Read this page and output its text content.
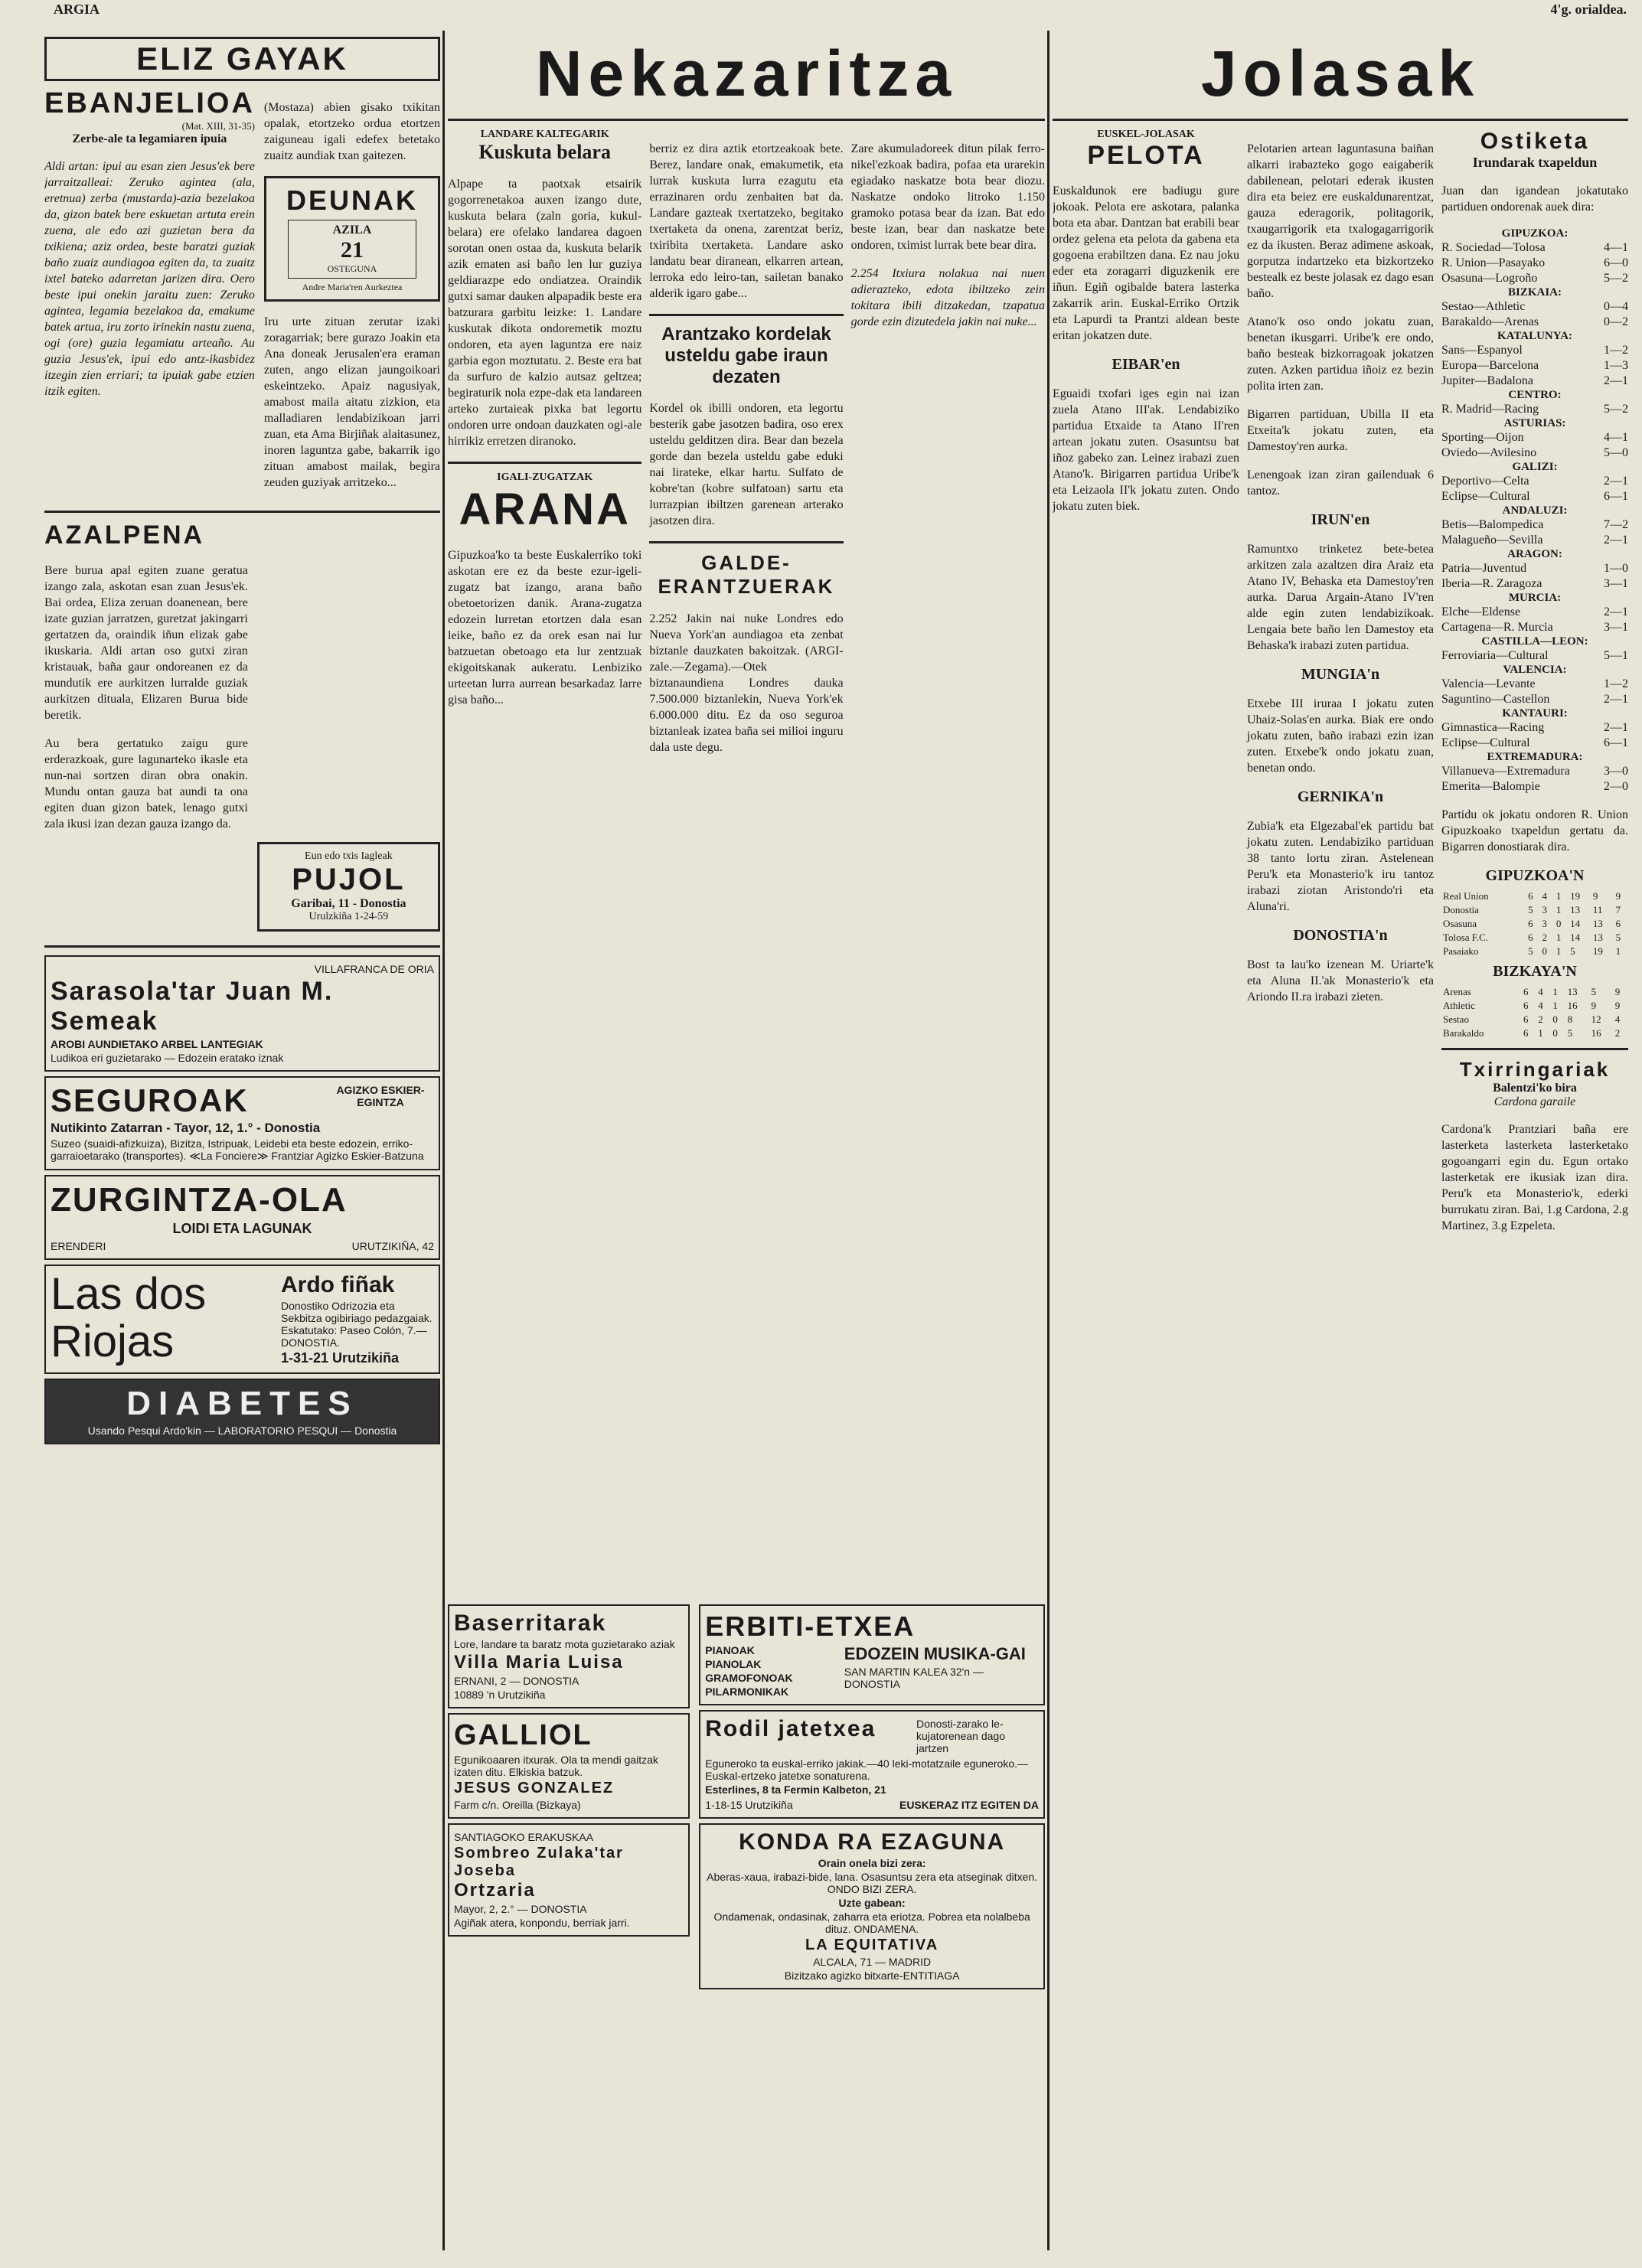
ARGIA	4'g. orialdea.
ELIZ GAYAK
EBANJELIOA
(Mat. XIII, 31-35)
Zerbe-ale ta legamiaren ipuia

Aldi artan: ipui au esan zien Jesus'ek bere jarraitzalleai: Zeruko agintea (ala, eretnua) zerba (mustarda)-azia bezelakoa da, gizon batek bere eskuetan artuta erein zuena, ale edo azi guzietan bera da txikiena; aziz ordea, beste baratzi guziak baño zuaiz aundiagoa egiten da, ta zuaitz ixtel bateko adarretan jarizen dira. Oero beste ipui onekin jaraitu zuen: Zeruko agintea, legamia bezelakoa da, emakume batek artua, iru zorto irinekin nastu zuena, ogi (ore) guzia legamiatu arteaño. Au guzia Jesus'ek, ipui edo antz-ikasbidez itzegin zien erriari; ta ipuiak gabe etzien itzik egiten.

(Mostaza) abien gisako txikitan opalak, etortzeko ordua etortzen zaiguneau igali edefex betetako zuaitz aundiak txan gaitezen.

DEUNAK
AZILA
21
OSTEGUNA
Andre Maria'ren Aurkeztea

Iru urte zituan zerutar izaki zoragarriak; bere gurazo Joakin eta Ana doneak Jerusalen'era eraman zuten, ango elizan jaungoikoari eskeintzeko. Apaiz nagusiyak, amabost maila aitatu zizkion, eta malladiaren lendabizikoan jarri zuan, eta Ama Birjiñak alaitasunez, inoren laguntza gabe, bakarrik igo zituan amabost mailak, begira zeuden guziyak arritzeko...

AZALPENA

Bere burua apal egiten zuane geratua izango zala, askotan esan zuan Jesus'ek. Bai ordea, Eliza zeruan doanenean, bere izate guzian jarratzen, guretzat jakingarri gertatzen da, oraindik iñun elizak gabe ikuskaria. Aldi artan oso gutxi ziran kristauak, baña gaur ondoreanen ez da mundutik ere aurkitzen lurralde guziak aurkitzen dituala, Elizaren Burua bide beretik.

Au bera gertatuko zaigu gure erderazkoak, gure lagunarteko ikasle eta nun-nai sortzen diran obra onakin. Mundu ontan gauza bat aundi ta ona egiten duan gizon batek, lenago gutxi zala ikusi izan dezan gauza izango da.

Eun edo txis Iagleak
PUJOL
Garibai, 11 - Donostia
Urulzkiña 1-24-59

VILLAFRANCA DE ORIA

Sarasola'tar Juan M. Semeak

AROBI AUNDIETAKO ARBEL LANTEGIAK

Ludikoa eri guzietarako — Edozein eratako iznak

SEGUROAK	AGIZKO ESKIER-EGINTZA

Nutikinto Zatarran - Tayor, 12, 1.° - Donostia

Suzeo (suaidi-afizkuiza), Bizitza, Istripuak, Leidebi eta beste edozein, erriko-garraioetarako (transportes). ≪La Fonciere≫ Frantziar Agizko Eskier-Batzuna

ZURGINTZA-OLA

LOIDI ETA LAGUNAK

ERENDERI	URUTZIKIÑA, 42

Las dos
Riojas

Ardo fiñak

Donostiko Odrizozia eta Sekbitza ogibiriago pedazgaiak. Eskatutako: Paseo Colón, 7.—DONOSTIA.

1-31-21 Urutzikiña

DIABETES

Usando Pesqui Ardo'kin — LABORATORIO PESQUI — Donostia

Nekazaritza
LANDARE KALTEGARIK
Kuskuta belara

Alpape ta paotxak etsairik gogorrenetakoa auxen izango dute, kuskuta belara (zaln goria, kukul-belara) ere ofelako landarea dagoen sorotan onen ostaa da, kuskuta belarik azik ematen asi baño len lur guziya geldiarazpe edo ondiatzea. Oraindik gutxi samar dauken alpapadik beste era batzurara garbitu leizke: 1. Landare kuskutak dikota ondoremetik moztu ondoren, eta ayen laguntza ere naiz garbia egon moztutatu. 2. Beste era bat da surfuro de kalzio autsaz geltzea; begiraturik nola ezpe-dak eta landareen arteko zurtaieak pixka bat legortu ondoren urre ondoan dauzkaten ogi-ale hirrikiz erretzen diranoko.

IGALI-ZUGATZAK
ARANA

Gipuzkoa'ko ta beste Euskalerriko toki askotan ere ez da beste ezur-igeli-zugatz bat izango, arana baño obetoetorizen danik. Arana-zugatza edozein lurretan etortzen dala esan leike, baño ez da orek esan nai lur batzuetan obetoago eta lur zentzuak ekigoitskanak aukeratu. Lenbiziko urteetan lurra aurrean besarkadaz larre gisa baño...

berriz ez dira aztik etortzeakoak bete. Berez, landare onak, emakumetik, eta lurrak kuskuta lurra ezagutu eta errazinaren ordu zenbaiten bat da. Landare gazteak txertatzeko, begitako txertaketa da onena, zarentzat beriz, txiribita txertaketa. Landare asko landatu bear diranean, elkarren artean, lerroka edo leiro-tan, sailetan banako alderik igaro gabe...

Arantzako kordelak usteldu gabe iraun dezaten

Kordel ok ibilli ondoren, eta legortu besterik gabe jasotzen badira, oso erex usteldu gelditzen dira. Bear dan bezela gorde dan bezela usteldu gabe eduki nai lirateke, elkar hartu. Sulfato de kobre'tan (kobre sulfatoan) sartu eta lurrazpian ibiltzen garenean arterako jasotzen dira.

GALDE-ERANTZUERAK

2.252 Jakin nai nuke Londres edo Nueva York'an aundiagoa eta zenbat biztanle dauzkaten bakoitzak. (ARGI-zale.—Zegama).—Otek biztanaundiena Londres dauka 7.500.000 biztanlekin, Nueva York'ek 6.000.000 ditu. Ez da oso seguroa biztanleak izatea baña sei milioi inguru dala uste degu.

Zare akumuladoreek ditun pilak ferro-nikel'ezkoak badira, pofaa eta urarekin egiadako naskatze bota bear diozu. Naskatze ondoko litroko 1.150 gramoko potasa bear da izan. Bat edo beste izan, bear dan naskatze bete ondoren, tximist lurrak bete bear dira.

2.254 Itxiura nolakua nai nuen adierazteko, edota ibiltzeko zein tokitara ibili ditzakedan, tzapatua gorde ezin dizutedela jakin nai nuke...

Baserritarak

Lore, landare ta baratz mota guzietarako aziak

Villa Maria Luisa

ERNANI, 2 — DONOSTIA

10889 'n Urutzikiña

GALLIOL

Egunikoaaren itxurak. Ola ta mendi gaitzak izaten ditu. Elkiskia batzuk.

JESUS GONZALEZ

Farm c/n. Oreilla (Bizkaya)

SANTIAGOKO ERAKUSKAA

Sombreo Zulaka'tar Joseba
Ortzaria

Mayor, 2, 2.° — DONOSTIA

Agiñak atera, konpondu, berriak jarri.

ERBITI-ETXEA

PIANOAK

PIANOLAK

GRAMOFONOAK

PILARMONIKAK

EDOZEIN MUSIKA-GAI

SAN MARTIN KALEA 32'n — DONOSTIA

Rodil jatetxea	Donosti-zarako le-kujatorenean dago jartzen

Eguneroko ta euskal-erriko jakiak.—40 leki-motatzaile eguneroko.—Euskal-ertzeko jatetxe sonaturena.

Esterlines, 8 ta Fermin Kalbeton, 21

1-18-15 Urutzikiña	EUSKERAZ ITZ EGITEN DA

KONDA RA EZAGUNA

Orain onela bizi zera:

Aberas-xaua, irabazi-bide, lana. Osasuntsu zera eta atseginak ditxen. ONDO BIZI ZERA.

Uzte gabean:

Ondamenak, ondasinak, zaharra eta eriotza. Pobrea eta nolalbeba dituz. ONDAMENA.

LA EQUITATIVA

ALCALA, 71 — MADRID

Bizitzako agizko bitxarte-ENTITIAGA

Jolasak
EUSKEL-JOLASAK
PELOTA

Euskaldunok ere badiugu gure jokoak. Pelota ere askotara, palanka bota eta abar. Dantzan bat erabili bear ordez gelena eta pelota da gabena eta gogoena erabiltzen dana. Ez nau joku eder eta zoragarri diguzkenik ere iñun. Egiñ ogibalde batera lasterka zakarrik arin. Euskal-Erriko Ortzik eta Lapurdi ta Prantzi aldean beste eritan jokatzen dute.

EIBAR'en

Eguaidi txofari iges egin nai izan zuela Atano III'ak. Lendabiziko partidua Etxaide ta Atano II'ren artean jokatu zuten. Osasuntsu bat iñoz gabeko zan. Leinez irabazi zuen Atano'k. Birigarren partidua Uribe'k eta Leizaola II'k jokatu zuten. Ondo jokatu zuten biek.

Pelotarien artean laguntasuna baiñan alkarri irabazteko gogo eaigaberik dabilenean, pelotari ederak ikusten dira eta beiez ere euskaldunarentzat, gauza ederagorik, politagorik, txaugarrigorik eta txalogagarrigorik ez da ikusten. Beraz adimene askoak, gorputza indartzeko eta bizkortzeko bestealk ez beste jolasak ez dago esan baño.

Atano'k oso ondo jokatu zuan, benetan ikusgarri. Uribe'k ere ondo, baño besteak bizkorragoak jokatzen zuten. Azken partidua iñoiz ez bezin polita irten zan.

Bigarren partiduan, Ubilla II eta Etxeita'k jokatu zuten, eta Damestoy'ren aurka.

Lenengoak izan ziran gailenduak 6 tantoz.

IRUN'en

Ramuntxo trinketez bete-betea arkitzen zala azaltzen dira Araiz eta Atano IV, Behaska eta Damestoy'ren aurka. Darua Argain-Atano IV'ren alde egin zuten lendabizikoak. Lengaia bete baño len Damestoy eta Behaska'k irabazi zuten partidua.

MUNGIA'n

Etxebe III iruraa I jokatu zuten Uhaiz-Solas'en aurka. Biak ere ondo jokatu zuten, baño irabazi ezin izan zuten. Etxebe'k ondo jokatu zuan, benetan ondo.

GERNIKA'n

Zubia'k eta Elgezabal'ek partidu bat jokatu zuten. Lendabiziko partiduan 38 tanto lortu ziran. Astelenean Peru'k eta Monasterio'k iru tantoz irabazi ziotan Aristondo'ri eta Aluna'ri.

DONOSTIA'n

Bost ta lau'ko izenean M. Uriarte'k eta Aluna II.'ak Monasterio'k eta Ariondo II.ra irabazi zieten.

Ostiketa
Irundarak txapeldun

Juan dan igandean jokatutako partiduen ondorenak auek dira:

GIPUZKOA:
R. Sociedad—Tolosa	4—1
R. Union—Pasayako	6—0
Osasuna—Logroño	5—2
BIZKAIA:
Sestao—Athletic	0—4
Barakaldo—Arenas	0—2
KATALUNYA:
Sans—Espanyol	1—2
Europa—Barcelona	1—3
Jupiter—Badalona	2—1
CENTRO:
R. Madrid—Racing	5—2
ASTURIAS:
Sporting—Oijon	4—1
Oviedo—Avilesino	5—0
GALIZI:
Deportivo—Celta	2—1
Eclipse—Cultural	6—1
ANDALUZI:
Betis—Balompedica	7—2
Malagueño—Sevilla	2—1
ARAGON:
Patria—Juventud	1—0
Iberia—R. Zaragoza	3—1
MURCIA:
Elche—Eldense	2—1
Cartagena—R. Murcia	3—1
CASTILLA—LEON:
Ferroviaria—Cultural	5—1
VALENCIA:
Valencia—Levante	1—2
Saguntino—Castellon	2—1
KANTAURI:
Gimnastica—Racing	2—1
Eclipse—Cultural	6—1
EXTREMADURA:
Villanueva—Extremadura	3—0
Emerita—Balompie	2—0

Partidu ok jokatu ondoren R. Union Gipuzkoako txapeldun gertatu da. Bigarren donostiarak dira.

GIPUZKOA'N
Real Union	6	4	1	19	9	9
Donostia	5	3	1	13	11	7
Osasuna	6	3	0	14	13	6
Tolosa F.C.	6	2	1	14	13	5
Pasaiako	5	0	1	5	19	1
BIZKAYA'N
Arenas	6	4	1	13	5	9
Athletic	6	4	1	16	9	9
Sestao	6	2	0	8	12	4
Barakaldo	6	1	0	5	16	2
Txirringariak
Balentzi'ko bira
Cardona garaile

Cardona'k Prantziari baña ere lasterketa lasterketa lasterketako gogoangarri egin du. Egun ortako lasterketak ere ikusiak izan dira. Peru'k eta Monasterio'k, ederki burrukatu ziran. Bai, 1.g Cardona, 2.g Martinez, 3.g Ezpeleta.
